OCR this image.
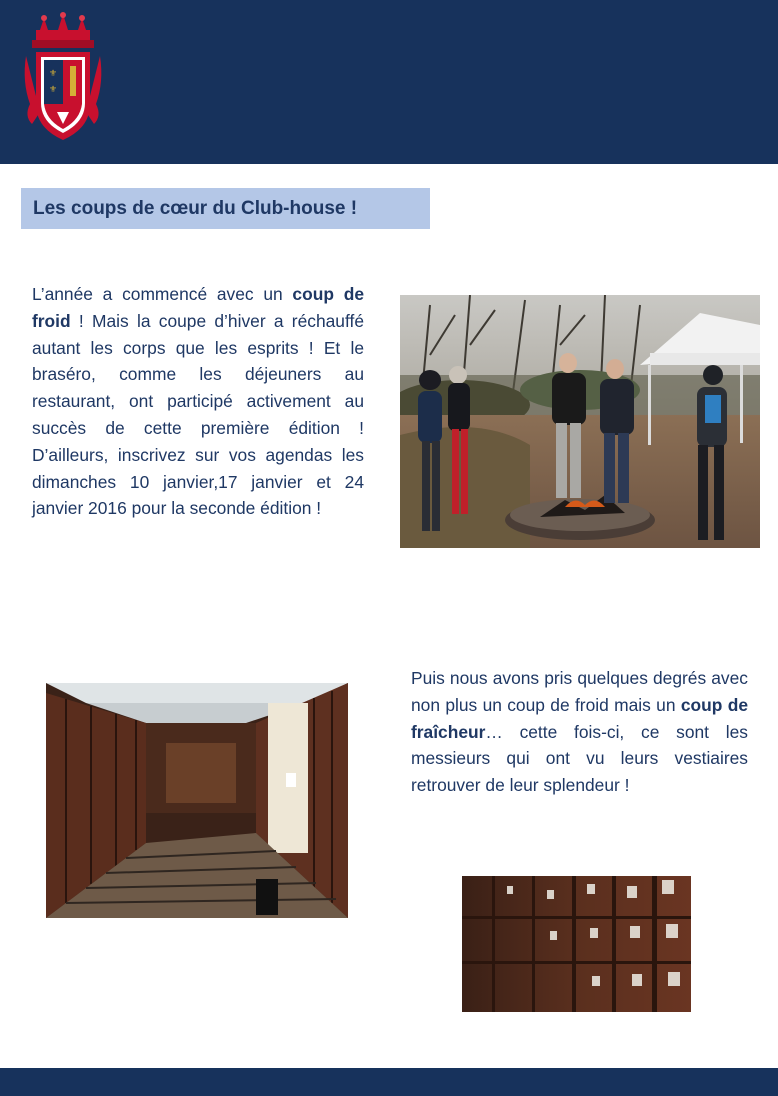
⚜
⚜
Les coups de cœur du Club-house !

L’année a commencé avec un coup de froid ! Mais la coupe d’hiver a réchauffé autant les corps que les esprits ! Et le braséro, comme les déjeuners au restaurant, ont participé activement au succès de cette première édition ! D’ailleurs, inscrivez sur vos agendas les dimanches 10 janvier,17 janvier et 24 janvier 2016 pour la seconde édition !

Puis nous avons pris quelques degrés avec non plus un coup de froid mais un coup de fraîcheur… cette fois-ci, ce sont les messieurs qui ont vu leurs vestiaires retrouver de leur splendeur !
